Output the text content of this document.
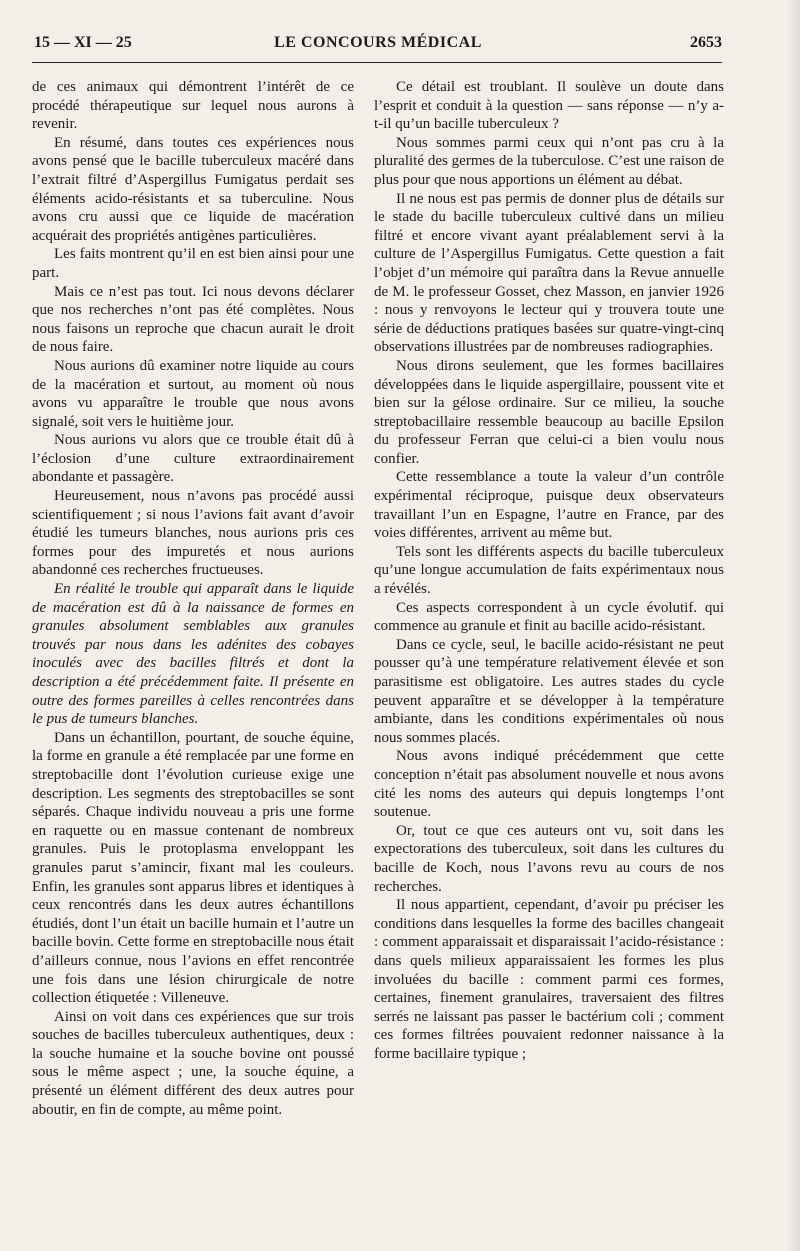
15 — XI — 25	LE CONCOURS MÉDICAL	2653

de ces animaux qui démontrent l’intérêt de ce procédé thérapeutique sur lequel nous aurons à revenir.

En résumé, dans toutes ces expériences nous avons pensé que le bacille tuberculeux macéré dans l’extrait filtré d’Aspergillus Fumigatus perdait ses éléments acido-résistants et sa tuberculine. Nous avons cru aussi que ce liquide de macération acquérait des propriétés antigènes particulières.

Les faits montrent qu’il en est bien ainsi pour une part.

Mais ce n’est pas tout. Ici nous devons déclarer que nos recherches n’ont pas été complètes. Nous nous faisons un reproche que chacun aurait le droit de nous faire.

Nous aurions dû examiner notre liquide au cours de la macération et surtout, au moment où nous avons vu apparaître le trouble que nous avons signalé, soit vers le huitième jour.

Nous aurions vu alors que ce trouble était dû à l’éclosion d’une culture extraordinairement abondante et passagère.

Heureusement, nous n’avons pas procédé aussi scientifiquement ; si nous l’avions fait avant d’avoir étudié les tumeurs blanches, nous aurions pris ces formes pour des impuretés et nous aurions abandonné ces recherches fructueuses.

En réalité le trouble qui apparaît dans le liquide de macération est dû à la naissance de formes en granules absolument semblables aux granules trouvés par nous dans les adénites des cobayes inoculés avec des bacilles filtrés et dont la description a été précédemment faite. Il présente en outre des formes pareilles à celles rencontrées dans le pus de tumeurs blanches.

Dans un échantillon, pourtant, de souche équine, la forme en granule a été remplacée par une forme en streptobacille dont l’évolution curieuse exige une description. Les segments des streptobacilles se sont séparés. Chaque individu nouveau a pris une forme en raquette ou en massue contenant de nombreux granules. Puis le protoplasma enveloppant les granules parut s’amincir, fixant mal les couleurs. Enfin, les granules sont apparus libres et identiques à ceux rencontrés dans les deux autres échantillons étudiés, dont l’un était un bacille humain et l’autre un bacille bovin. Cette forme en streptobacille nous était d’ailleurs connue, nous l’avions en effet rencontrée une fois dans une lésion chirurgicale de notre collection étiquetée : Villeneuve.

Ainsi on voit dans ces expériences que sur trois souches de bacilles tuberculeux authentiques, deux : la souche humaine et la souche bovine ont poussé sous le même aspect ; une, la souche équine, a présenté un élément différent des deux autres pour aboutir, en fin de compte, au même point.

Ce détail est troublant. Il soulève un doute dans l’esprit et conduit à la question — sans réponse — n’y a-t-il qu’un bacille tuberculeux ?

Nous sommes parmi ceux qui n’ont pas cru à la pluralité des germes de la tuberculose. C’est une raison de plus pour que nous apportions un élément au débat.

Il ne nous est pas permis de donner plus de détails sur le stade du bacille tuberculeux cultivé dans un milieu filtré et encore vivant ayant préalablement servi à la culture de l’Aspergillus Fumigatus. Cette question a fait l’objet d’un mémoire qui paraîtra dans la Revue annuelle de M. le professeur Gosset, chez Masson, en janvier 1926 : nous y renvoyons le lecteur qui y trouvera toute une série de déductions pratiques basées sur quatre-vingt-cinq observations illustrées par de nombreuses radiographies.

Nous dirons seulement, que les formes bacillaires développées dans le liquide aspergillaire, poussent vite et bien sur la gélose ordinaire. Sur ce milieu, la souche streptobacillaire ressemble beaucoup au bacille Epsilon du professeur Ferran que celui-ci a bien voulu nous confier.

Cette ressemblance a toute la valeur d’un contrôle expérimental réciproque, puisque deux observateurs travaillant l’un en Espagne, l’autre en France, par des voies différentes, arrivent au même but.

Tels sont les différents aspects du bacille tuberculeux qu’une longue accumulation de faits expérimentaux nous a révélés.

Ces aspects correspondent à un cycle évolutif. qui commence au granule et finit au bacille acido-résistant.

Dans ce cycle, seul, le bacille acido-résistant ne peut pousser qu’à une température relativement élevée et son parasitisme est obligatoire. Les autres stades du cycle peuvent apparaître et se développer à la température ambiante, dans les conditions expérimentales où nous nous sommes placés.

Nous avons indiqué précédemment que cette conception n’était pas absolument nouvelle et nous avons cité les noms des auteurs qui depuis longtemps l’ont soutenue.

Or, tout ce que ces auteurs ont vu, soit dans les expectorations des tuberculeux, soit dans les cultures du bacille de Koch, nous l’avons revu au cours de nos recherches.

Il nous appartient, cependant, d’avoir pu préciser les conditions dans lesquelles la forme des bacilles changeait : comment apparaissait et disparaissait l’acido-résistance : dans quels milieux apparaissaient les formes les plus involuées du bacille : comment parmi ces formes, certaines, finement granulaires, traversaient des filtres serrés ne laissant pas passer le bactérium coli ; comment ces formes filtrées pouvaient redonner naissance à la forme bacillaire typique ;
